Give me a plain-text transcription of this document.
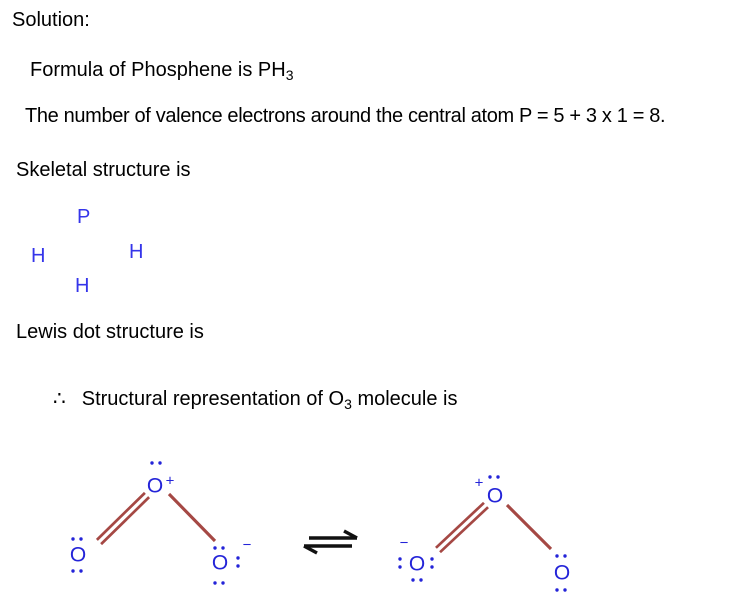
Solution:
Formula of Phosphene is $PH_3$
The number of valence electrons around the central atom P = 5 + 3 x 1 = 8.
Skeletal structure is
P
H	H
H
Lewis dot structure is
∴ Structural representation of $O_3$ molecule is
O +
O	O
−
O
+
O
−
O
